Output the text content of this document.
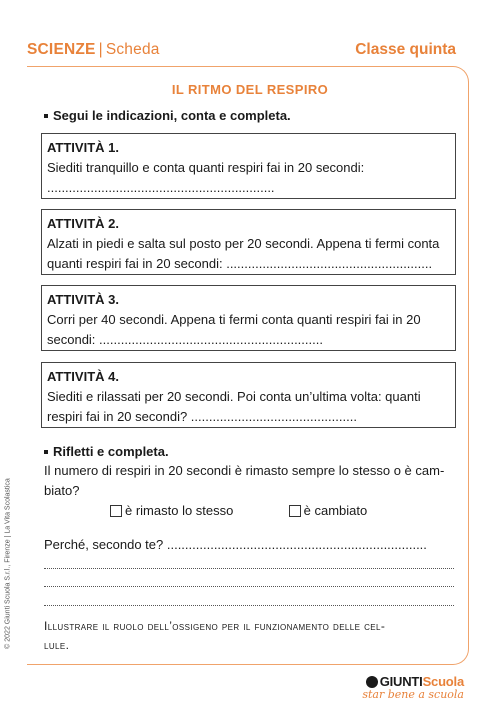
SCIENZE | Scheda	Classe quinta
IL RITMO DEL RESPIRO
Segui le indicazioni, conta e completa.
ATTIVITÀ 1.
Siediti tranquillo e conta quanti respiri fai in 20 secondi:
...............................................................
ATTIVITÀ 2.
Alzati in piedi e salta sul posto per 20 secondi. Appena ti fermi conta
quanti respiri fai in 20 secondi: .........................................................
ATTIVITÀ 3.
Corri per 40 secondi. Appena ti fermi conta quanti respiri fai in 20
secondi: ..............................................................
ATTIVITÀ 4.
Siediti e rilassati per 20 secondi. Poi conta un’ultima volta: quanti
respiri fai in 20 secondi? ..............................................
Rifletti e completa.
Il numero di respiri in 20 secondi è rimasto sempre lo stesso o è cam-
biato?
è rimasto lo stesso	è cambiato
Perché, secondo te? ........................................................................
Illustrare il ruolo dell’ossigeno per il funzionamento delle cel-
lule.
© 2022 Giunti Scuola S.r.l., Firenze | La Vita Scolastica
GIUNTIScuola
star bene a scuola
